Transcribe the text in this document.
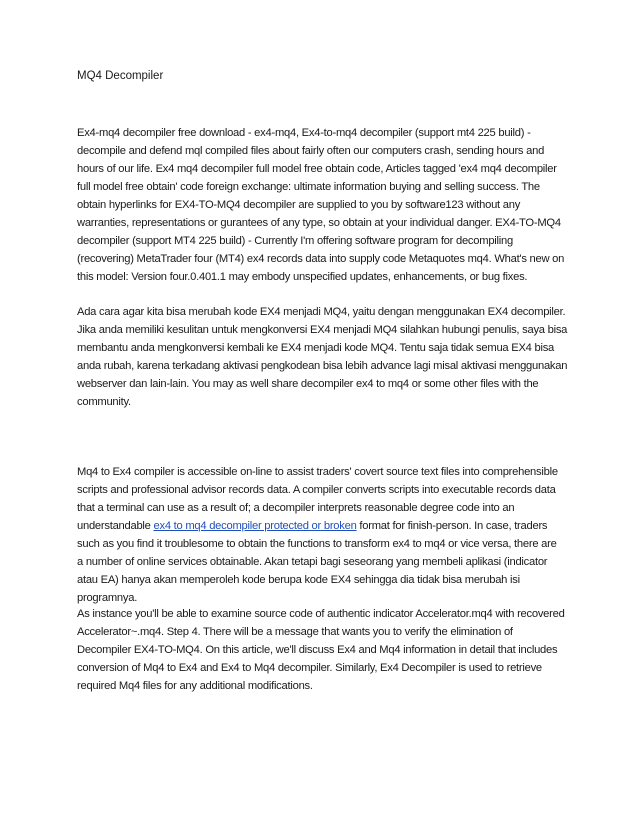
MQ4 Decompiler

Ex4-mq4 decompiler free download - ex4-mq4, Ex4-to-mq4 decompiler (support mt4 225 build) -
decompile and defend mql compiled files about fairly often our computers crash, sending hours and
hours of our life. Ex4 mq4 decompiler full model free obtain code, Articles tagged 'ex4 mq4 decompiler
full model free obtain' code foreign exchange: ultimate information buying and selling success. The
obtain hyperlinks for EX4-TO-MQ4 decompiler are supplied to you by software123 without any
warranties, representations or gurantees of any type, so obtain at your individual danger. EX4-TO-MQ4
decompiler (support MT4 225 build) - Currently I'm offering software program for decompiling
(recovering) MetaTrader four (MT4) ex4 records data into supply code Metaquotes mq4. What's new on
this model: Version four.0.401.1 may embody unspecified updates, enhancements, or bug fixes.

Ada cara agar kita bisa merubah kode EX4 menjadi MQ4, yaitu dengan menggunakan EX4 decompiler.
Jika anda memiliki kesulitan untuk mengkonversi EX4 menjadi MQ4 silahkan hubungi penulis, saya bisa
membantu anda mengkonversi kembali ke EX4 menjadi kode MQ4. Tentu saja tidak semua EX4 bisa
anda rubah, karena terkadang aktivasi pengkodean bisa lebih advance lagi misal aktivasi menggunakan
webserver dan lain-lain. You may as well share decompiler ex4 to mq4 or some other files with the
community.

Mq4 to Ex4 compiler is accessible on-line to assist traders' covert source text files into comprehensible
scripts and professional advisor records data. A compiler converts scripts into executable records data
that a terminal can use as a result of; a decompiler interprets reasonable degree code into an
understandable ex4 to mq4 decompiler protected or broken format for finish-person. In case, traders
such as you find it troublesome to obtain the functions to transform ex4 to mq4 or vice versa, there are
a number of online services obtainable. Akan tetapi bagi seseorang yang membeli aplikasi (indicator
atau EA) hanya akan memperoleh kode berupa kode EX4 sehingga dia tidak bisa merubah isi
programnya.

As instance you'll be able to examine source code of authentic indicator Accelerator.mq4 with recovered
Accelerator~.mq4. Step 4. There will be a message that wants you to verify the elimination of
Decompiler EX4-TO-MQ4. On this article, we'll discuss Ex4 and Mq4 information in detail that includes
conversion of Mq4 to Ex4 and Ex4 to Mq4 decompiler. Similarly, Ex4 Decompiler is used to retrieve
required Mq4 files for any additional modifications.
